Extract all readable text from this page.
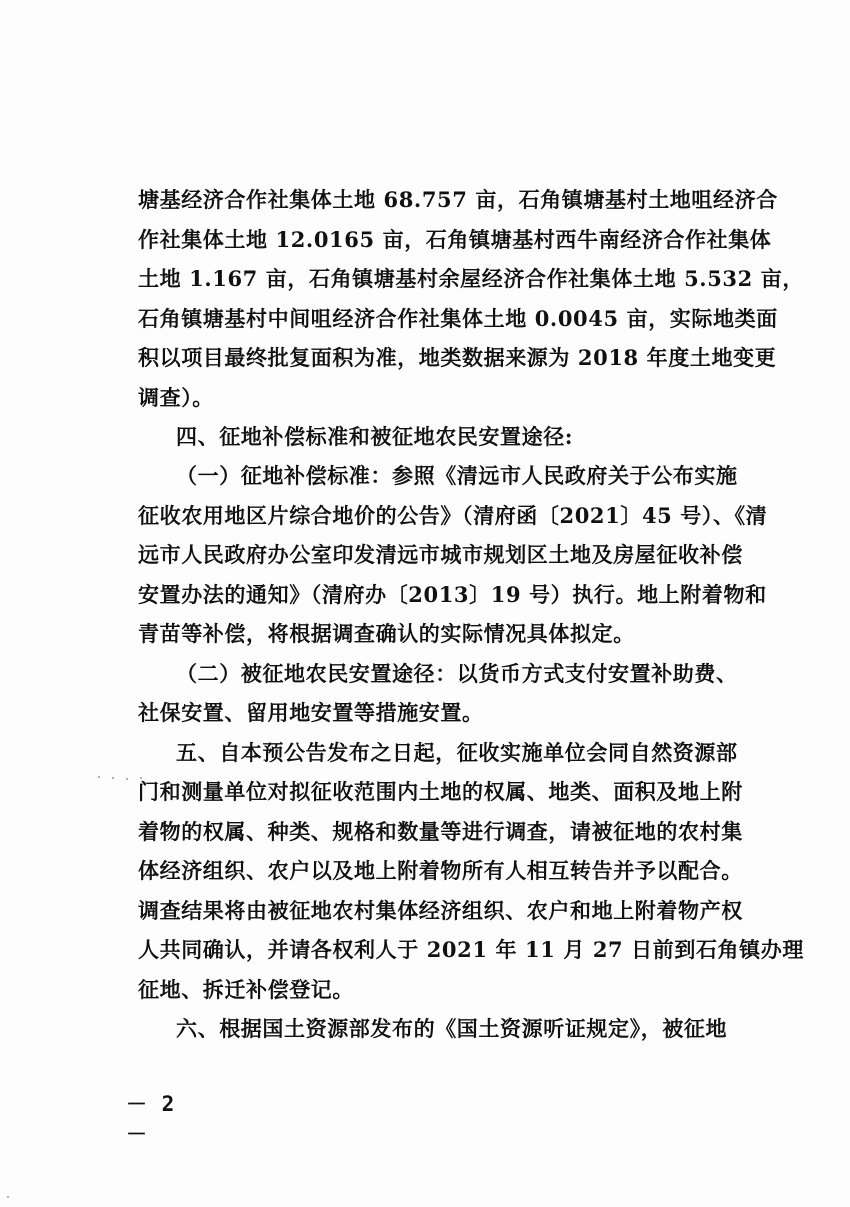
塘基经济合作社集体土地 68.757 亩，石角镇塘基村土地咀经济合
作社集体土地 12.0165 亩，石角镇塘基村西牛南经济合作社集体
土地 1.167 亩，石角镇塘基村余屋经济合作社集体土地 5.532 亩，
石角镇塘基村中间咀经济合作社集体土地 0.0045 亩，实际地类面
积以项目最终批复面积为准，地类数据来源为 2018 年度土地变更
调查）。
四、征地补偿标准和被征地农民安置途径:
（一）征地补偿标准：参照《清远市人民政府关于公布实施
征收农用地区片综合地价的公告》（清府函〔2021〕45 号）、《清
远市人民政府办公室印发清远市城市规划区土地及房屋征收补偿
安置办法的通知》（清府办〔2013〕19 号）执行。地上附着物和
青苗等补偿，将根据调查确认的实际情况具体拟定。
（二）被征地农民安置途径：以货币方式支付安置补助费、
社保安置、留用地安置等措施安置。
五、自本预公告发布之日起，征收实施单位会同自然资源部
门和测量单位对拟征收范围内土地的权属、地类、面积及地上附
着物的权属、种类、规格和数量等进行调查，请被征地的农村集
体经济组织、农户以及地上附着物所有人相互转告并予以配合。
调查结果将由被征地农村集体经济组织、农户和地上附着物产权
人共同确认，并请各权利人于 2021 年 11 月 27 日前到石角镇办理
征地、拆迁补偿登记。
六、根据国土资源部发布的《国土资源听证规定》，被征地
－ 2 －
